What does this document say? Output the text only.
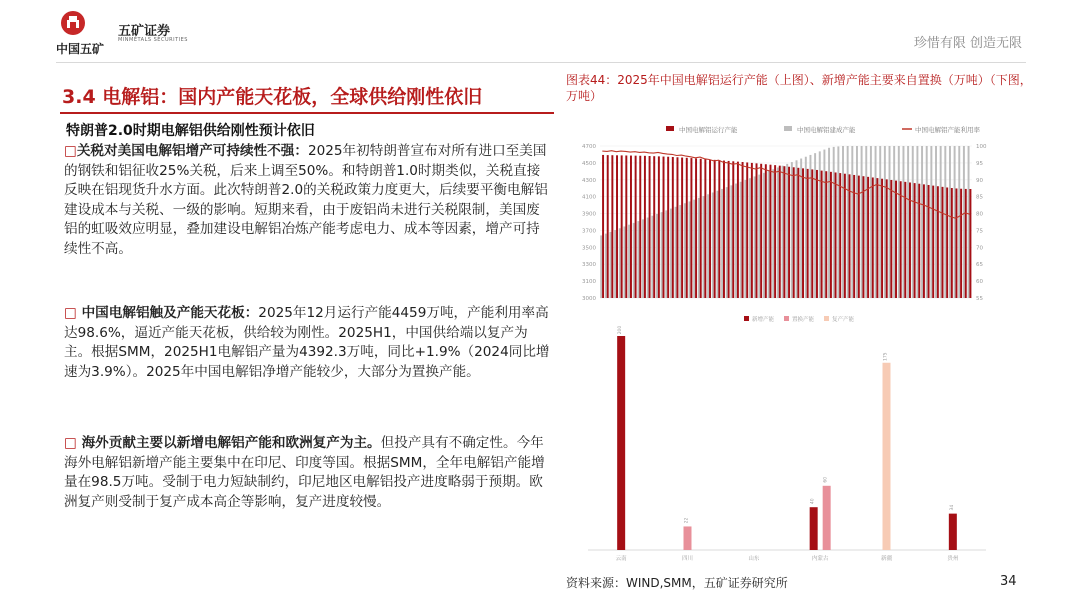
中国五矿
五矿证券
MINMETALS SECURITIES	珍惜有限 创造无限
3.4 电解铝：国内产能天花板，全球供给刚性依旧
特朗普2.0时期电解铝供给刚性预计依旧
□关税对美国电解铝增产可持续性不强：2025年初特朗普宣布对所有进口至美国的钢铁和铝征收25%关税，后来上调至50%。和特朗普1.0时期类似，关税直接反映在铝现货升水方面。此次特朗普2.0的关税政策力度更大，后续要平衡电解铝建设成本与关税、一级的影响。短期来看，由于废铝尚未进行关税限制，美国废铝的虹吸效应明显，叠加建设电解铝冶炼产能考虑电力、成本等因素，增产可持续性不高。
□ 中国电解铝触及产能天花板：2025年12月运行产能4459万吨，产能利用率高达98.6%，逼近产能天花板，供给较为刚性。2025H1，中国供给端以复产为主。根据SMM，2025H1电解铝产量为4392.3万吨，同比+1.9%（2024同比增速为3.9%）。2025年中国电解铝净增产能较少，大部分为置换产能。
□ 海外贡献主要以新增电解铝产能和欧洲复产为主。但投产具有不确定性。今年海外电解铝新增产能主要集中在印尼、印度等国。根据SMM，全年电解铝产能增量在98.5万吨。受制于电力短缺制约，印尼地区电解铝投产进度略弱于预期。欧洲复产则受制于复产成本高企等影响，复产进度较慢。
图表44：2025年中国电解铝运行产能（上图）、新增产能主要来自置换（万吨）（下图，万吨）
中国电解铝运行产能	中国电解铝建成产能	中国电解铝产能利用率
4700
4500
4300
4100
3900
3700
3500
3300
3100
3000
100
95
90
85
80
75
70
65
60
55
新增产能	置换产能	复产产能
云南
200
四川
22
山东	内蒙古
40
60
新疆
175
贵州
34
资料来源：WIND,SMM，五矿证券研究所	34
